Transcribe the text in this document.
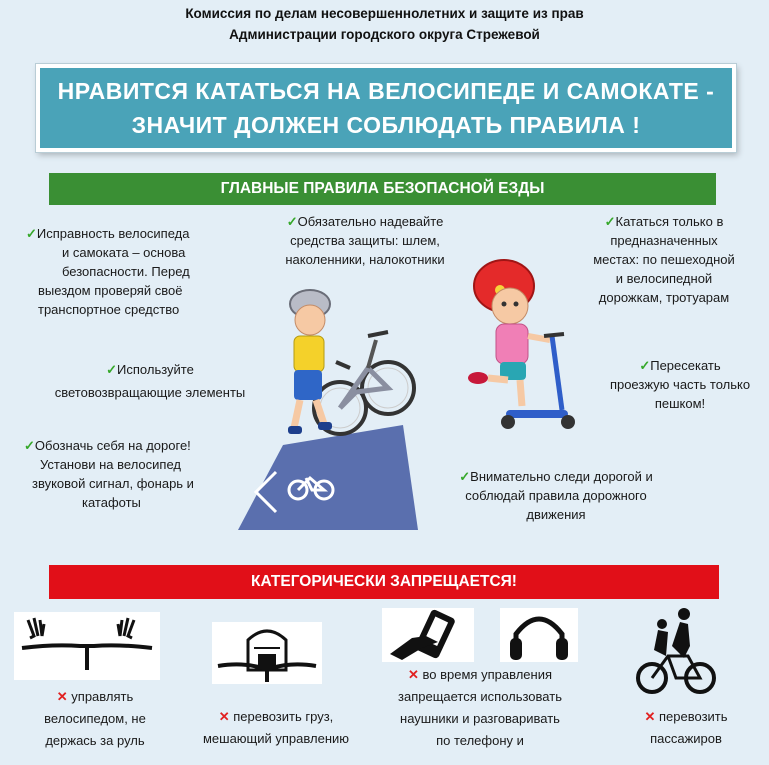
Комиссия по делам несовершеннолетних и защите из прав
Администрации городского округа Стрежевой
НРАВИТСЯ КАТАТЬСЯ НА ВЕЛОСИПЕДЕ И САМОКАТЕ -
ЗНАЧИТ ДОЛЖЕН СОБЛЮДАТЬ ПРАВИЛА !
ГЛАВНЫЕ ПРАВИЛА БЕЗОПАСНОЙ ЕЗДЫ
✓Исправность велосипеда
и самоката – основа
безопасности. Перед
выездом проверяй своё
транспортное средство
✓Обязательно надевайте
средства защиты: шлем,
наколенники, налокотники
✓Кататься только в
предназначенных
местах: по пешеходной
и велосипедной
дорожкам, тротуарам
✓Используйте
световозвращающие элементы
✓Пересекать
проезжую часть только
пешком!
✓Обозначь себя на дороге!
Установи на велосипед
звуковой сигнал, фонарь и
катафоты
✓Внимательно следи дорогой и
соблюдай правила дорожного
движения
КАТЕГОРИЧЕСКИ ЗАПРЕЩАЕТСЯ!
✕ управлять
велосипедом, не
держась за руль
✕ перевозить груз,
мешающий управлению
✕ во время управления
запрещается использовать
наушники и разговаривать
по телефону и
✕ перевозить
пассажиров
